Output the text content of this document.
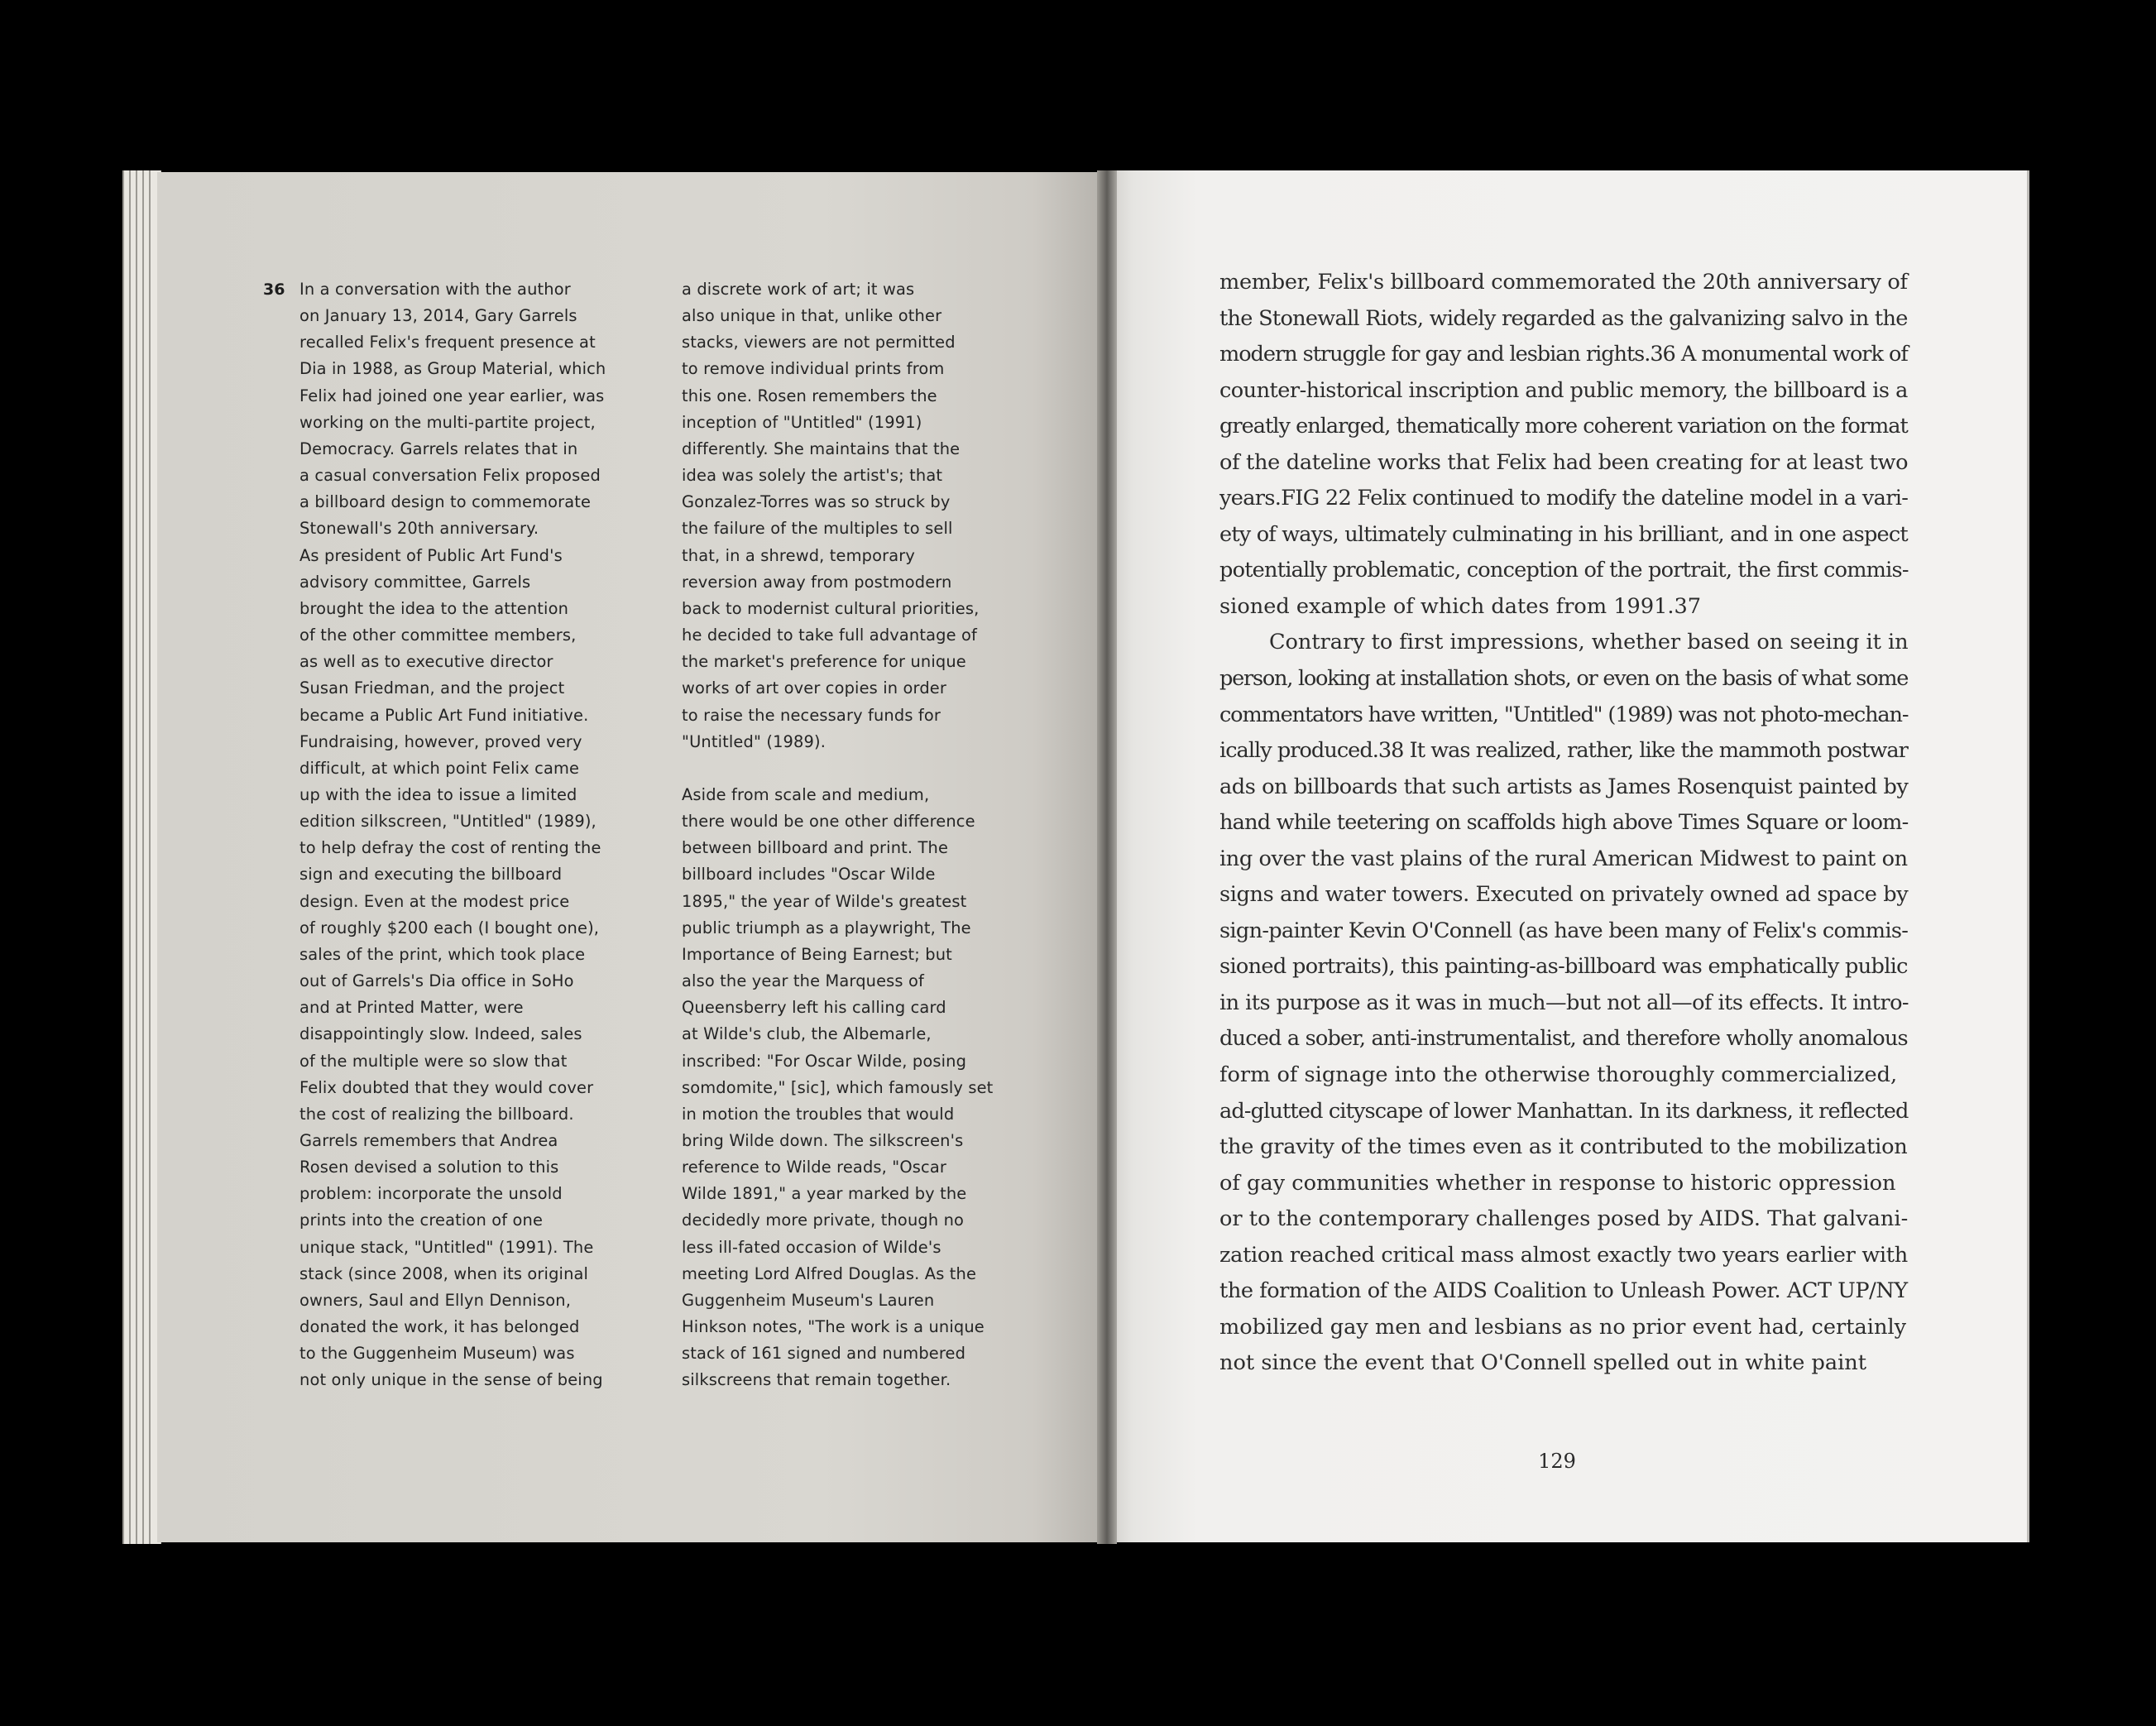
36 In a conversation with the author
on January 13, 2014, Gary Garrels
recalled Felix's frequent presence at
Dia in 1988, as Group Material, which
Felix had joined one year earlier, was
working on the multi-partite project,
Democracy. Garrels relates that in
a casual conversation Felix proposed
a billboard design to commemorate
Stonewall's 20th anniversary.
As president of Public Art Fund's
advisory committee, Garrels
brought the idea to the attention
of the other committee members,
as well as to executive director
Susan Friedman, and the project
became a Public Art Fund initiative.
Fundraising, however, proved very
difficult, at which point Felix came
up with the idea to issue a limited
edition silkscreen, "Untitled" (1989),
to help defray the cost of renting the
sign and executing the billboard
design. Even at the modest price
of roughly $200 each (I bought one),
sales of the print, which took place
out of Garrels's Dia office in SoHo
and at Printed Matter, were
disappointingly slow. Indeed, sales
of the multiple were so slow that
Felix doubted that they would cover
the cost of realizing the billboard.
Garrels remembers that Andrea
Rosen devised a solution to this
problem: incorporate the unsold
prints into the creation of one
unique stack, "Untitled" (1991). The
stack (since 2008, when its original
owners, Saul and Ellyn Dennison,
donated the work, it has belonged
to the Guggenheim Museum) was
not only unique in the sense of being
a discrete work of art; it was
also unique in that, unlike other
stacks, viewers are not permitted
to remove individual prints from
this one. Rosen remembers the
inception of "Untitled" (1991)
differently. She maintains that the
idea was solely the artist's; that
Gonzalez-Torres was so struck by
the failure of the multiples to sell
that, in a shrewd, temporary
reversion away from postmodern
back to modernist cultural priorities,
he decided to take full advantage of
the market's preference for unique
works of art over copies in order
to raise the necessary funds for
"Untitled" (1989).
Aside from scale and medium,
there would be one other difference
between billboard and print. The
billboard includes "Oscar Wilde
1895," the year of Wilde's greatest
public triumph as a playwright, The
Importance of Being Earnest; but
also the year the Marquess of
Queensberry left his calling card
at Wilde's club, the Albemarle,
inscribed: "For Oscar Wilde, posing
somdomite," [sic], which famously set
in motion the troubles that would
bring Wilde down. The silkscreen's
reference to Wilde reads, "Oscar
Wilde 1891," a year marked by the
decidedly more private, though no
less ill-fated occasion of Wilde's
meeting Lord Alfred Douglas. As the
Guggenheim Museum's Lauren
Hinkson notes, "The work is a unique
stack of 161 signed and numbered
silkscreens that remain together.
member, Felix's billboard commemorated the 20th anniversary of
the Stonewall Riots, widely regarded as the galvanizing salvo in the
modern struggle for gay and lesbian rights.36 A monumental work of
counter-historical inscription and public memory, the billboard is a
greatly enlarged, thematically more coherent variation on the format
of the dateline works that Felix had been creating for at least two
years.FIG 22 Felix continued to modify the dateline model in a vari-
ety of ways, ultimately culminating in his brilliant, and in one aspect
potentially problematic, conception of the portrait, the first commis-
sioned example of which dates from 1991.37
Contrary to first impressions, whether based on seeing it in
person, looking at installation shots, or even on the basis of what some
commentators have written, "Untitled" (1989) was not photo-mechan-
ically produced.38 It was realized, rather, like the mammoth postwar
ads on billboards that such artists as James Rosenquist painted by
hand while teetering on scaffolds high above Times Square or loom-
ing over the vast plains of the rural American Midwest to paint on
signs and water towers. Executed on privately owned ad space by
sign-painter Kevin O'Connell (as have been many of Felix's commis-
sioned portraits), this painting-as-billboard was emphatically public
in its purpose as it was in much—but not all—of its effects. It intro-
duced a sober, anti-instrumentalist, and therefore wholly anomalous
form of signage into the otherwise thoroughly commercialized,
ad-glutted cityscape of lower Manhattan. In its darkness, it reflected
the gravity of the times even as it contributed to the mobilization
of gay communities whether in response to historic oppression
or to the contemporary challenges posed by AIDS. That galvani-
zation reached critical mass almost exactly two years earlier with
the formation of the AIDS Coalition to Unleash Power. ACT UP/NY
mobilized gay men and lesbians as no prior event had, certainly
not since the event that O'Connell spelled out in white paint
129
